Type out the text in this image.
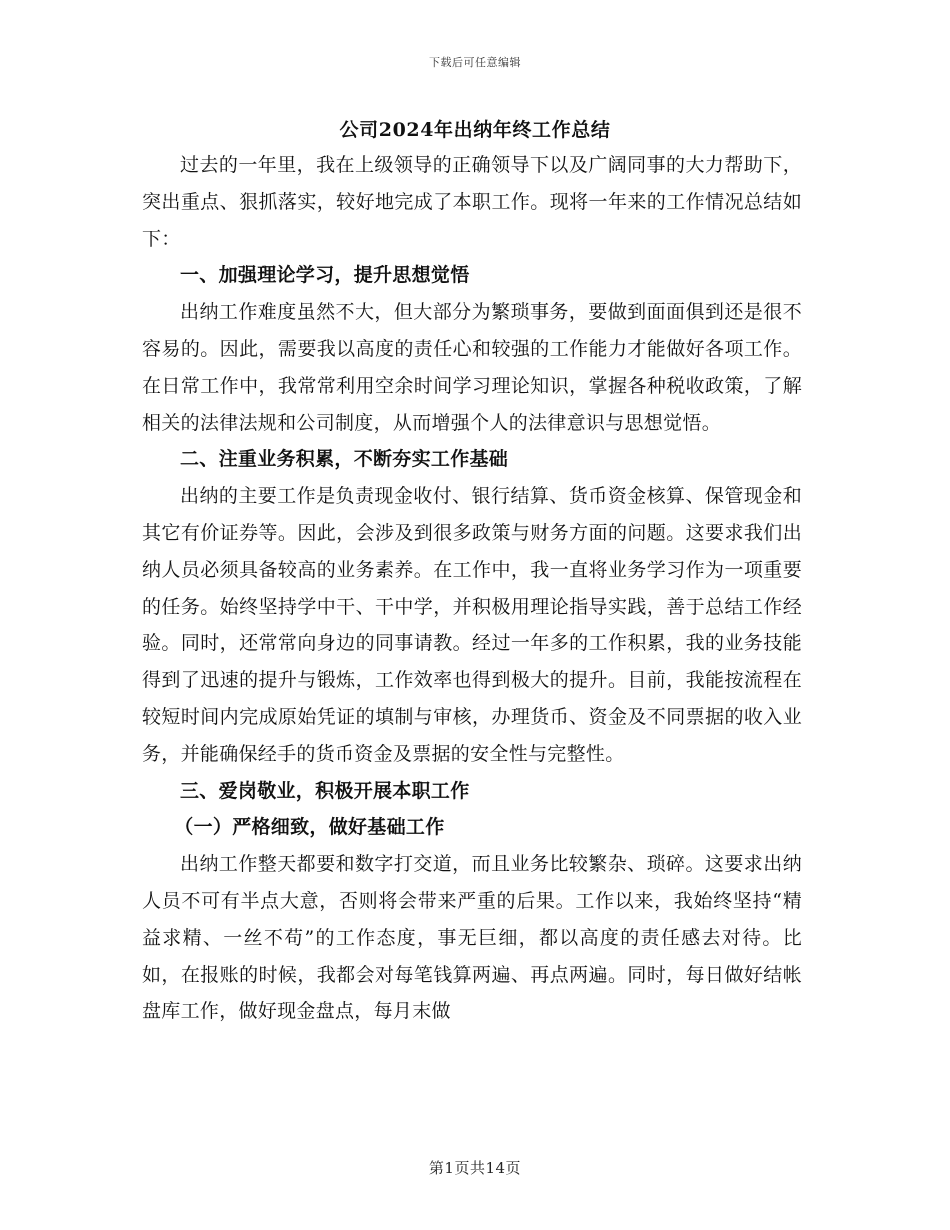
下载后可任意编辑
公司2024年出纳年终工作总结

过去的一年里，我在上级领导的正确领导下以及广阔同事的大力帮助下，突出重点、狠抓落实，较好地完成了本职工作。现将一年来的工作情况总结如下：

一、加强理论学习，提升思想觉悟

出纳工作难度虽然不大，但大部分为繁琐事务，要做到面面俱到还是很不容易的。因此，需要我以高度的责任心和较强的工作能力才能做好各项工作。在日常工作中，我常常利用空余时间学习理论知识，掌握各种税收政策，了解相关的法律法规和公司制度，从而增强个人的法律意识与思想觉悟。

二、注重业务积累，不断夯实工作基础

出纳的主要工作是负责现金收付、银行结算、货币资金核算、保管现金和其它有价证券等。因此，会涉及到很多政策与财务方面的问题。这要求我们出纳人员必须具备较高的业务素养。在工作中，我一直将业务学习作为一项重要的任务。始终坚持学中干、干中学，并积极用理论指导实践，善于总结工作经验。同时，还常常向身边的同事请教。经过一年多的工作积累，我的业务技能得到了迅速的提升与锻炼，工作效率也得到极大的提升。目前，我能按流程在较短时间内完成原始凭证的填制与审核，办理货币、资金及不同票据的收入业务，并能确保经手的货币资金及票据的安全性与完整性。

三、爱岗敬业，积极开展本职工作

（一）严格细致，做好基础工作

出纳工作整天都要和数字打交道，而且业务比较繁杂、琐碎。这要求出纳人员不可有半点大意，否则将会带来严重的后果。工作以来，我始终坚持“精益求精、一丝不苟”的工作态度，事无巨细，都以高度的责任感去对待。比如，在报账的时候，我都会对每笔钱算两遍、再点两遍。同时，每日做好结帐盘库工作，做好现金盘点，每月末做

第1页共14页
